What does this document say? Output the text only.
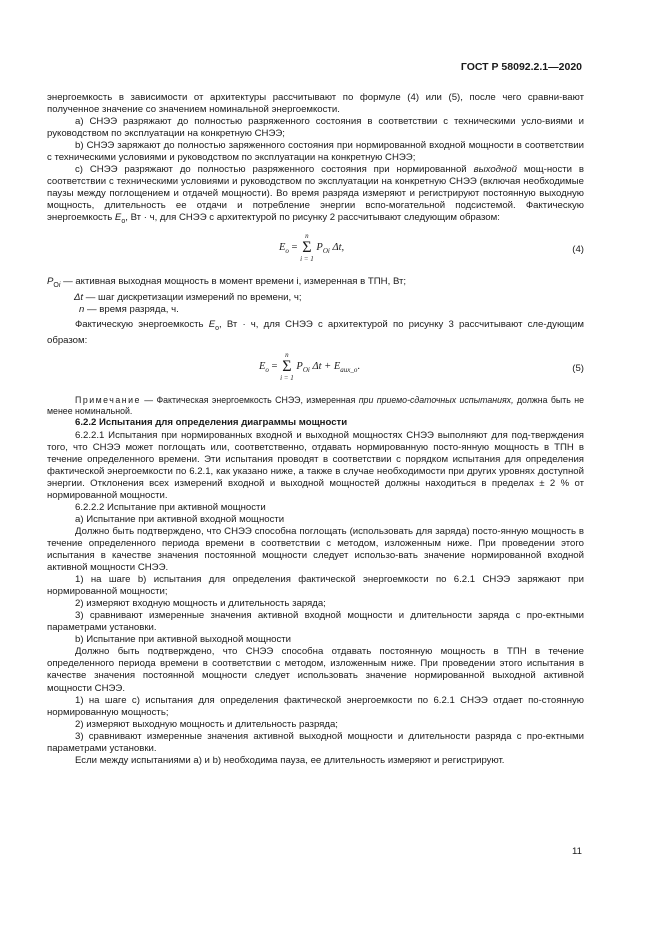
ГОСТ Р 58092.2.1—2020

энергоемкость в зависимости от архитектуры рассчитывают по формуле (4) или (5), после чего сравни-вают полученное значение со значением номинальной энергоемкости.

a) СНЭЭ разряжают до полностью разряженного состояния в соответствии с техническими усло-виями и руководством по эксплуатации на конкретную СНЭЭ;

b) СНЭЭ заряжают до полностью заряженного состояния при нормированной входной мощности в соответствии с техническими условиями и руководством по эксплуатации на конкретную СНЭЭ;

c) СНЭЭ разряжают до полностью разряженного состояния при нормированной выходной мощ-ности в соответствии с техническими условиями и руководством по эксплуатации на конкретную СНЭЭ (включая необходимые паузы между поглощением и отдачей мощности). Во время разряда измеряют и регистрируют постоянную выходную мощность, длительность ее отдачи и потребление энергии вспо-могательной подсистемой. Фактическую энергоемкость $E_o$, Вт · ч, для СНЭЭ с архитектурой по рисунку 2 рассчитывают следующим образом:

$E_o$ =
n
Σ
i = 1
$P_{Oi}$ Δt,	(4)
$P_{Oi}$ — активная выходная мощность в момент времени i, измеренная в ТПН, Вт;
Δt — шаг дискретизации измерений по времени, ч;
n — время разряда, ч.

Фактическую энергоемкость $E_o$, Вт · ч, для СНЭЭ с архитектурой по рисунку 3 рассчитывают сле-дующим образом:

$E_o$ =
n
Σ
i = 1
$P_{Oi}$ $\Delta t + E_{aux\_o}$.	(5)

Примечание — Фактическая энергоемкость СНЭЭ, измеренная при приемо-сдаточных испытаниях, должна быть не менее номинальной.

6.2.2 Испытания для определения диаграммы мощности

6.2.2.1 Испытания при нормированных входной и выходной мощностях СНЭЭ выполняют для под-тверждения того, что СНЭЭ может поглощать или, соответственно, отдавать нормированную посто-янную мощность в ТПН в течение определенного времени. Эти испытания проводят в соответствии с порядком испытания для определения фактической энергоемкости по 6.2.1, как указано ниже, а также в случае необходимости при других уровнях доступной энергии. Отклонения всех измерений входной и выходной мощностей должны находиться в пределах ± 2 % от нормированной мощности.

6.2.2.2 Испытание при активной мощности

a) Испытание при активной входной мощности

Должно быть подтверждено, что СНЭЭ способна поглощать (использовать для заряда) посто-янную мощность в течение определенного периода времени в соответствии с методом, изложенным ниже. При проведении этого испытания в качестве значения постоянной мощности следует использо-вать значение нормированной входной активной мощности СНЭЭ.

1) на шаге b) испытания для определения фактической энергоемкости по 6.2.1 СНЭЭ заряжают при нормированной мощности;

2) измеряют входную мощность и длительность заряда;

3) сравнивают измеренные значения активной входной мощности и длительности заряда с про-ектными параметрами установки.

b) Испытание при активной выходной мощности

Должно быть подтверждено, что СНЭЭ способна отдавать постоянную мощность в ТПН в течение определенного периода времени в соответствии с методом, изложенным ниже. При проведении этого испытания в качестве значения постоянной мощности следует использовать значение нормированной выходной активной мощности СНЭЭ.

1) на шаге c) испытания для определения фактической энергоемкости по 6.2.1 СНЭЭ отдает по-стоянную нормированную мощность;

2) измеряют выходную мощность и длительность разряда;

3) сравнивают измеренные значения активной выходной мощности и длительности разряда с про-ектными параметрами установки.

Если между испытаниями a) и b) необходима пауза, ее длительность измеряют и регистрируют.

11
